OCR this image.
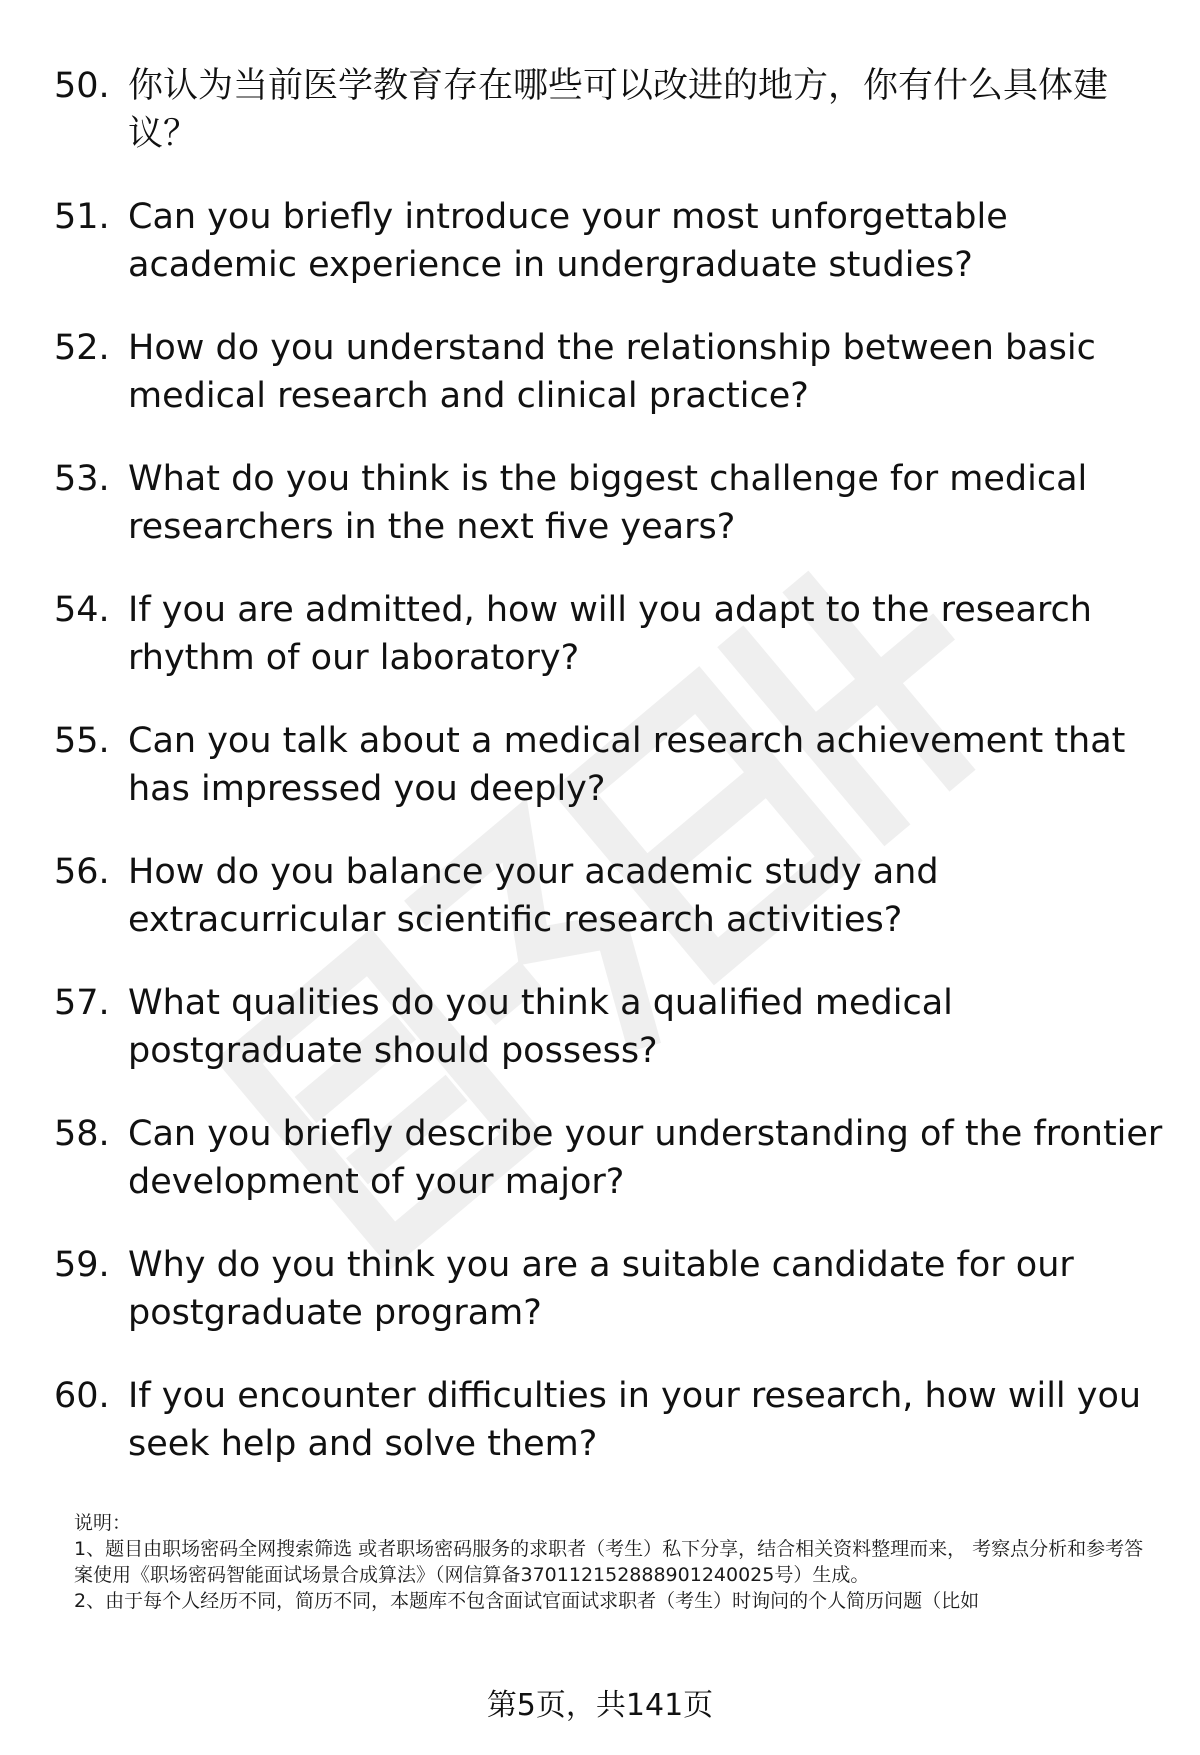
50. 你认为当前医学教育存在哪些可以改进的地方，你有什么具体建议？
51. Can you briefly introduce your most unforgettable academic experience in undergraduate studies?
52. How do you understand the relationship between basic medical research and clinical practice?
53. What do you think is the biggest challenge for medical researchers in the next five years?
54. If you are admitted, how will you adapt to the research rhythm of our laboratory?
55. Can you talk about a medical research achievement that has impressed you deeply?
56. How do you balance your academic study and extracurricular scientific research activities?
57. What qualities do you think a qualified medical postgraduate should possess?
58. Can you briefly describe your understanding of the frontier development of your major?
59. Why do you think you are a suitable candidate for our postgraduate program?
60. If you encounter difficulties in your research, how will you seek help and solve them?

说明：

1、题目由职场密码全网搜索筛选 或者职场密码服务的求职者（考生）私下分享，结合相关资料整理而来， 考察点分析和参考答案使用《职场密码智能面试场景合成算法》（网信算备370112152888901240025号）生成。

2、由于每个人经历不同，简历不同，本题库不包含面试官面试求职者（考生）时询问的个人简历问题（比如

第5页，共141页
